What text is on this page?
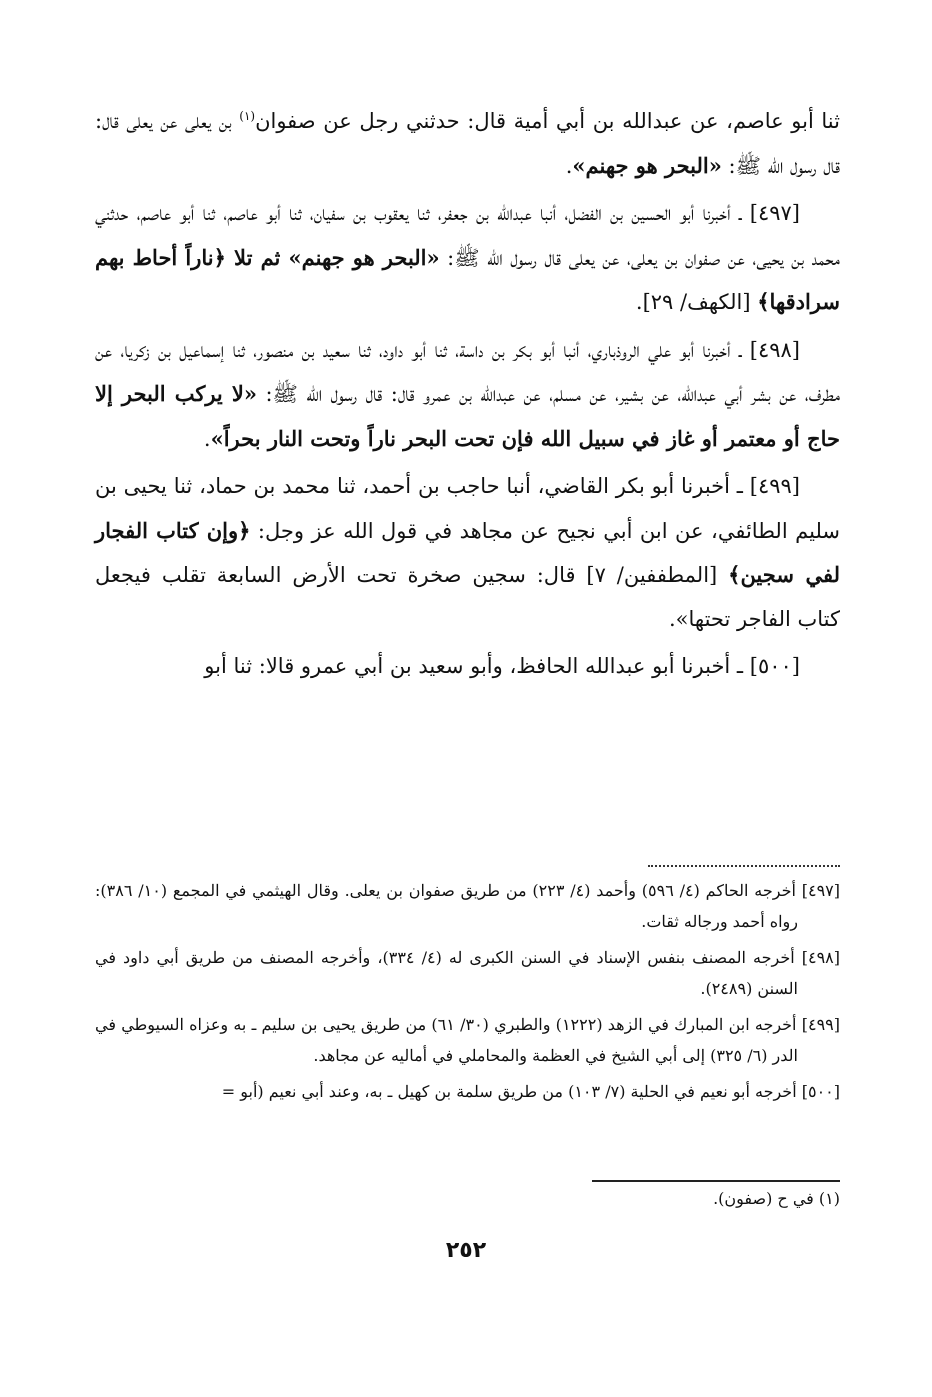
ثنا أبو عاصم، عن عبدالله بن أبي أمية قال: حدثني رجل عن صفوان$^{(١)}$ بن يعلى عن يعلى قال: قال رسول الله ﷺ: «البحر هو جهنم».

[٤٩٧] ـ أخبرنا أبو الحسين بن الفضل، أنبا عبدالله بن جعفر، ثنا يعقوب بن سفيان، ثنا أبو عاصم، ثنا أبو عاصم، حدثني محمد بن يحيى، عن صفوان بن يعلى، عن يعلى قال رسول الله ﷺ: «البحر هو جهنم» ثم تلا ﴿ناراً أحاط بهم سرادقها﴾ [الكهف/ ٢٩].

[٤٩٨] ـ أخبرنا أبو علي الروذباري، أنبا أبو بكر بن داسة، ثنا أبو داود، ثنا سعيد بن منصور، ثنا إسماعيل بن زكريا، عن مطرف، عن بشر أبي عبدالله، عن بشير، عن مسلم، عن عبدالله بن عمرو قال: قال رسول الله ﷺ: «لا يركب البحر إلا حاج أو معتمر أو غاز في سبيل الله فإن تحت البحر ناراً وتحت النار بحراً».

[٤٩٩] ـ أخبرنا أبو بكر القاضي، أنبا حاجب بن أحمد، ثنا محمد بن حماد، ثنا يحيى بن سليم الطائفي، عن ابن أبي نجيح عن مجاهد في قول الله عز وجل: ﴿وإن كتاب الفجار لفي سجين﴾ [المطففين/ ٧] قال: سجين صخرة تحت الأرض السابعة تقلب فيجعل كتاب الفاجر تحتها».

[٥٠٠] ـ أخبرنا أبو عبدالله الحافظ، وأبو سعيد بن أبي عمرو قالا: ثنا أبو

[٤٩٧] أخرجه الحاكم (٤/ ٥٩٦) وأحمد (٤/ ٢٢٣) من طريق صفوان بن يعلى. وقال الهيثمي في المجمع (١٠/ ٣٨٦): رواه أحمد ورجاله ثقات.

[٤٩٨] أخرجه المصنف بنفس الإسناد في السنن الكبرى له (٤/ ٣٣٤)، وأخرجه المصنف من طريق أبي داود في السنن (٢٤٨٩).

[٤٩٩] أخرجه ابن المبارك في الزهد (١٢٢٢) والطبري (٣٠/ ٦١) من طريق يحيى بن سليم ـ به وعزاه السيوطي في الدر (٦/ ٣٢٥) إلى أبي الشيخ في العظمة والمحاملي في أماليه عن مجاهد.

[٥٠٠] أخرجه أبو نعيم في الحلية (٧/ ١٠٣) من طريق سلمة بن كهيل ـ به، وعند أبي نعيم (أبو =

(١) في ح (صفون).
٢٥٢
